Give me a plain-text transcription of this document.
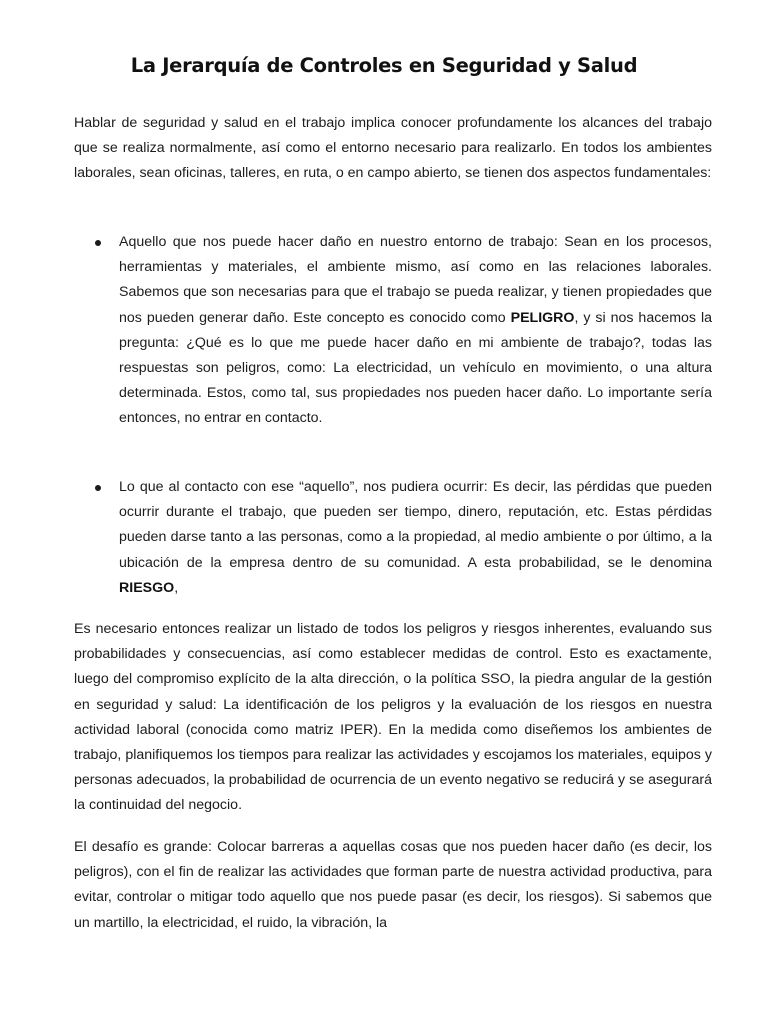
La Jerarquía de Controles en Seguridad y Salud

Hablar de seguridad y salud en el trabajo implica conocer profundamente los alcances del trabajo que se realiza normalmente, así como el entorno necesario para realizarlo. En todos los ambientes laborales, sean oficinas, talleres, en ruta, o en campo abierto, se tienen dos aspectos fundamentales:

Aquello que nos puede hacer daño en nuestro entorno de trabajo: Sean en los procesos, herramientas y materiales, el ambiente mismo, así como en las relaciones laborales. Sabemos que son necesarias para que el trabajo se pueda realizar, y tienen propiedades que nos pueden generar daño. Este concepto es conocido como PELIGRO, y si nos hacemos la pregunta: ¿Qué es lo que me puede hacer daño en mi ambiente de trabajo?, todas las respuestas son peligros, como: La electricidad, un vehículo en movimiento, o una altura determinada. Estos, como tal, sus propiedades nos pueden hacer daño. Lo importante sería entonces, no entrar en contacto.
Lo que al contacto con ese “aquello”, nos pudiera ocurrir: Es decir, las pérdidas que pueden ocurrir durante el trabajo, que pueden ser tiempo, dinero, reputación, etc. Estas pérdidas pueden darse tanto a las personas, como a la propiedad, al medio ambiente o por último, a la ubicación de la empresa dentro de su comunidad. A esta probabilidad, se le denomina RIESGO,

Es necesario entonces realizar un listado de todos los peligros y riesgos inherentes, evaluando sus probabilidades y consecuencias, así como establecer medidas de control. Esto es exactamente, luego del compromiso explícito de la alta dirección, o la política SSO, la piedra angular de la gestión en seguridad y salud: La identificación de los peligros y la evaluación de los riesgos en nuestra actividad laboral (conocida como matriz IPER). En la medida como diseñemos los ambientes de trabajo, planifiquemos los tiempos para realizar las actividades y escojamos los materiales, equipos y personas adecuados, la probabilidad de ocurrencia de un evento negativo se reducirá y se asegurará la continuidad del negocio.

El desafío es grande: Colocar barreras a aquellas cosas que nos pueden hacer daño (es decir, los peligros), con el fin de realizar las actividades que forman parte de nuestra actividad productiva, para evitar, controlar o mitigar todo aquello que nos puede pasar (es decir, los riesgos). Si sabemos que un martillo, la electricidad, el ruido, la vibración, la
